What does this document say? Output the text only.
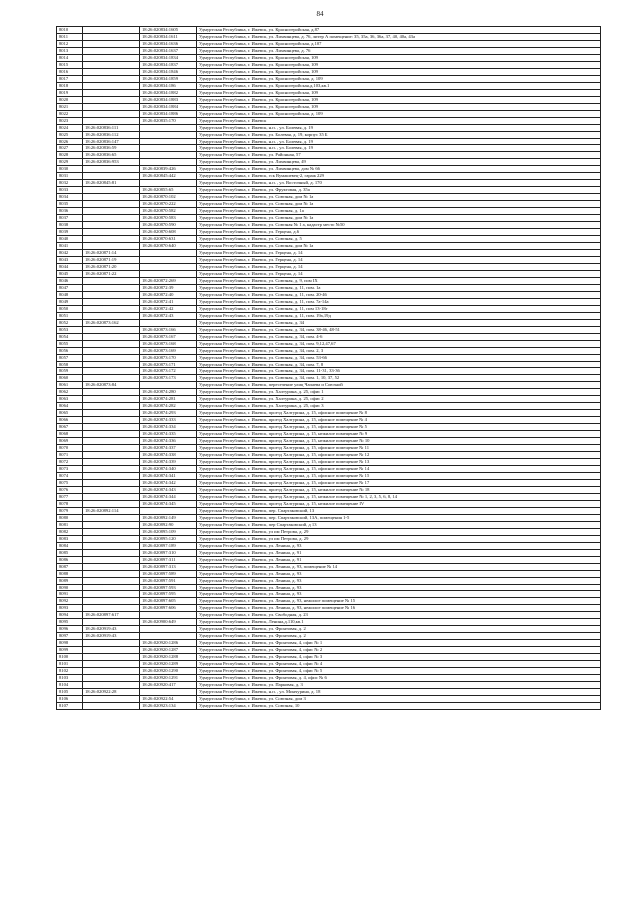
84
8010		18:26:020834:1605	Удмуртская Республика, г. Ижевск, ул. Красногеройская, д.87
8011		18:26:020834:1611	Удмуртская Республика, г. Ижевск, ул. Лихвинцева, д. 76, литер А помещение: 35, 35а, 36, 36а, 37, 40, 40а, 43а
8012		18:26:020834:1636	Удмуртская Республика, г. Ижевск, ул. Красногеройская, д.107
8013		18:26:020834:1637	Удмуртская Республика, г. Ижевск, ул. Лихвинцева, д. 76
8014		18:26:020834:1834	Удмуртская Республика, г. Ижевск, ул. Красногеройская, 109
8015		18:26:020834:1837	Удмуртская Республика, г. Ижевск, ул. Красногеройская, 109
8016		18:26:020834:1846	Удмуртская Республика, г. Ижевск, ул. Красногеройская, 109
8017		18:26:020834:1859	Удмуртская Республика, г. Ижевск, ул. Красногеройская, д. 109
8018		18:26:020834:186	Удмуртская Республика, г. Ижевск, ул. Красногеройская,д.103,кв.1
8019		18:26:020834:1882	Удмуртская Республика, г. Ижевск, ул. Красногеройская, 109
8020		18:26:020834:1883	Удмуртская Республика, г. Ижевск, ул. Красногеройская, 109
8021		18:26:020834:1884	Удмуртская Республика, г. Ижевск, ул. Красногеройская, 109
8022		18:26:020834:1886	Удмуртская Республика, г. Ижевск, ул. Красногеройская, д. 109
8023		18:26:020835:170	Удмуртская Республика, г. Ижевск
8024	18:26:020836:111		Удмуртская Республика, г. Ижевск, н.п. , ул. Болевая, д. 19
8025	18:26:020836:112		Удмуртская Республика, г. Ижевск, ул. Болевая, д. 19, корпус 35 Б
8026	18:26:020836:147		Удмуртская Республика, г. Ижевск, н.п. , ул. Болевая, д. 19
8027	18:26:020836:59		Удмуртская Республика, г. Ижевск, н.п. , ул. Болевая, д. 19
8028	18:26:020836:65		Удмуртская Республика, г. Ижевск, ул. Районная, 57
8029	18:26:020836:953		Удмуртская Республика, г. Ижевск, ул. Лихвинцева, 49
8030		18:26:020839:426	Удмуртская Республика, г. Ижевск, ул. Лихвинцева, дом № 66
8031		18:26:020845:442	Удмуртская Республика, г. Ижевск, гск Вумашевец-2, гараж 229
8032	18:26:020845:81		Удмуртская Республика, г. Ижевск, н.п. , ул. Восточный, д. 170
8033		18:26:020855:65	Удмуртская Республика, г. Ижевск, ул. Фруктовая, д. 35а
8034		18:26:020870:102	Удмуртская Республика, г. Ижевск, ул. Союзная, дом № 1а
8035		18:26:020870:222	Удмуртская Республика, г. Ижевск, ул. Союзная, дом № 1а
8036		18:26:020870:582	Удмуртская Республика, г. Ижевск, ул. Союзная, д. 1а
8037		18:26:020870:583	Удмуртская Республика, г. Ижевск, ул. Союзная, дом № 1а
8038		18:26:020870:590	Удмуртская Республика, г. Ижевск, ул. Союзная № 1 а, кадастр место №50
8039		18:26:020870:608	Удмуртская Республика, г. Ижевск, ул. Герцена, д.6
8040		18:26:020870:631	Удмуртская Республика, г. Ижевск, ул. Союзная, д. 5
8041		18:26:020870:640	Удмуртская Республика, г. Ижевск, ул. Союзная, дом № 1а
8042	18:26:020871:14		Удмуртская Республика, г. Ижевск, ул. Герцена, д. 14
8043	18:26:020871:19		Удмуртская Республика, г. Ижевск, ул. Герцена, д. 14
8044	18:26:020871:20		Удмуртская Республика, г. Ижевск, ул. Герцена, д. 14
8045	18:26:020871:22		Удмуртская Республика, г. Ижевск, ул. Герцена, д. 14
8046		18:26:020872:269	Удмуртская Республика, г. Ижевск, ул. Союзная, д. 9, пом IX
8047		18:26:020872:39	Удмуртская Республика, г. Ижевск, ул. Союзная, д. 11, пом. 1а
8048		18:26:020872:40	Удмуртская Республика, г. Ижевск, ул. Союзная, д. 11, пом. 20-46
8049		18:26:020872:41	Удмуртская Республика, г. Ижевск, ул. Союзная, д. 11, пом. 7а-14а
8050		18:26:020872:42	Удмуртская Республика, г. Ижевск, ул. Союзная, д. 11, пом 13-18г
8051		18:26:020872:43	Удмуртская Республика, г. Ижевск, ул. Союзная, д. 11, пом. 19а,19д
8052	18:26:020873:162		Удмуртская Республика, г. Ижевск, ул. Союзная, д. 34
8053		18:26:020873:166	Удмуртская Республика, г. Ижевск, ул. Союзная, д. 34, пом. 38-46, 48-51
8054		18:26:020873:167	Удмуртская Республика, г. Ижевск, ул. Союзная, д. 34, пом. 4-6
8055		18:26:020873:168	Удмуртская Республика, г. Ижевск, ул. Союзная, д. 34, пом. 9,12,47,67
8056		18:26:020873:169	Удмуртская Республика, г. Ижевск, ул. Союзная, д. 34, пом. 2, 3
8057		18:26:020873:170	Удмуртская Республика, г. Ижевск, ул. Союзная, д. 34, пом. 53-66
8058		18:26:020873:171	Удмуртская Республика, г. Ижевск, ул. Союзная, д. 34, пом. 7, 8
8059		18:26:020873:172	Удмуртская Республика, г. Ижевск, ул. Союзная, д. 34, пом. 11-31, 33-36
8060		18:26:020873:173	Удмуртская Республика, г. Ижевск, ул. Союзная, д. 34, пом. 1, 10, 37, 52
8061	18:26:020873:84		Удмуртская Республика, г. Ижевск, пересечение улиц Чапаева и Союзной
8062		18:26:020874:280	Удмуртская Республика, г. Ижевск, ул. Халтурина, д. 25, офис 1
8063		18:26:020874:281	Удмуртская Республика, г. Ижевск, ул. Халтурина, д. 25, офис 2
8064		18:26:020874:282	Удмуртская Республика, г. Ижевск, ул. Халтурина, д. 25, офис 3
8065		18:26:020874:293	Удмуртская Республика, г. Ижевск, проезд Халтурина, д. 15, офисное помещение № 8
8066		18:26:020874:333	Удмуртская Республика, г. Ижевск, проезд Халтурина, д. 15, офисное помещение № 4
8067		18:26:020874:334	Удмуртская Республика, г. Ижевск, проезд Халтурина, д. 15, офисное помещение № 5
8068		18:26:020874:335	Удмуртская Республика, г. Ижевск, проезд Халтурина, д. 15, нежилое помещение № 9
8069		18:26:020874:336	Удмуртская Республика, г. Ижевск, проезд Халтурина, д. 15, нежилое помещение № 10
8070		18:26:020874:337	Удмуртская Республика, г. Ижевск, проезд Халтурина, д. 15, офисное помещение № 11
8071		18:26:020874:338	Удмуртская Республика, г. Ижевск, проезд Халтурина, д. 15, офисное помещение № 12
8072		18:26:020874:339	Удмуртская Республика, г. Ижевск, проезд Халтурина, д. 15, офисное помещение № 13
8073		18:26:020874:340	Удмуртская Республика, г. Ижевск, проезд Халтурина, д. 15, офисное помещение № 14
8074		18:26:020874:341	Удмуртская Республика, г. Ижевск, проезд Халтурина, д. 15, офисное помещение № 15
8075		18:26:020874:342	Удмуртская Республика, г. Ижевск, проезд Халтурина, д. 15, офисное помещение № 17
8076		18:26:020874:343	Удмуртская Республика, г. Ижевск, проезд Халтурина, д. 15, нежилое помещение № 18
8077		18:26:020874:344	Удмуртская Республика, г. Ижевск, проезд Халтурина, д. 15, нежилое помещение № 1, 2, 3, 5, 6, 8, 14
8078		18:26:020874:345	Удмуртская Республика, г. Ижевск, проезд Халтурина, д. 15, нежилое помещение IV
8079	18:26:020892:114		Удмуртская Республика, г. Ижевск, пер. Спартаковский, 13
8080		18:26:020892:149	Удмуртская Республика, г. Ижевск, пер. Спартаковский, 13А, помещения 1-5
8081		18:26:020892:90	Удмуртская Республика, г. Ижевск, пер Спартаковский, д 13
8082		18:26:020895:109	Удмуртская Республика, г. Ижевск, ул им Петрова, д. 29
8083		18:26:020895:120	Удмуртская Республика, г. Ижевск, ул им Петрова, д. 29
8084		18:26:020897:189	Удмуртская Республика, г. Ижевск, ул. Ленина, д. 93
8085		18:26:020897:310	Удмуртская Республика, г. Ижевск, ул. Ленина, д. 91
8086		18:26:020897:311	Удмуртская Республика, г. Ижевск, ул. Ленина, д. 91
8087		18:26:020897:313	Удмуртская Республика, г. Ижевск, ул. Ленина, д. 93, помещение № 14
8088		18:26:020897:589	Удмуртская Республика, г. Ижевск, ул. Ленина, д. 93
8089		18:26:020897:591	Удмуртская Республика, г. Ижевск, ул. Ленина, д. 93
8090		18:26:020897:593	Удмуртская Республика, г. Ижевск, ул. Ленина, д. 93
8091		18:26:020897:595	Удмуртская Республика, г. Ижевск, ул. Ленина, д. 93
8092		18:26:020897:605	Удмуртская Республика, г. Ижевск, ул. Ленина, д. 93, нежилое помещение № 15
8093		18:26:020897:606	Удмуртская Республика, г. Ижевск, ул. Ленина, д. 93, нежилое помещение № 16
8094	18:26:020897:617		Удмуртская Республика, г. Ижевск, ул. Свободная, д. 23
8095		18:26:020900:649	Удмуртская Республика, г. Ижевск, Ленина,д.110,кв.1
8096	18:26:020919:43		Удмуртская Республика, г. Ижевск, ул. Фронтовая, д. 2
8097	18:26:020919:43		Удмуртская Республика, г. Ижевск, ул. Фронтовая, д. 2
8098		18:26:020920:1286	Удмуртская Республика, г. Ижевск, ул. Фронтовая, 4, офис № 1
8099		18:26:020920:1287	Удмуртская Республика, г. Ижевск, ул. Фронтовая, 4, офис № 2
8100		18:26:020920:1288	Удмуртская Республика, г. Ижевск, ул. Фронтовая, 4, офис № 3
8101		18:26:020920:1289	Удмуртская Республика, г. Ижевск, ул. Фронтовая, 4, офис № 4
8102		18:26:020920:1290	Удмуртская Республика, г. Ижевск, ул. Фронтовая, 4, офис № 5
8103		18:26:020920:1291	Удмуртская Республика, г. Ижевск, ул. Фронтовая, д. 4, офис № 6
8104		18:26:020920:417	Удмуртская Республика, г. Ижевск, ул. Парковая, д. 3
8105	18:26:020922:28		Удмуртская Республика, г. Ижевск, н.п. , ул. Минчурина, д. 18
8106		18:26:020922:54	Удмуртская Республика, г. Ижевск, ул. Союзная, дом 3
8107		18:26:020923:134	Удмуртская Республика, г. Ижевск, ул. Союзная, 10
